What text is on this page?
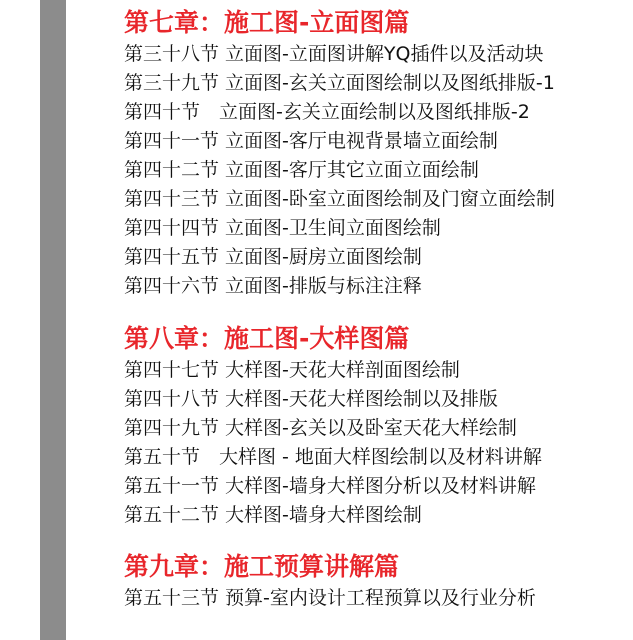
第七章：施工图-立面图篇
第三十八节 立面图-立面图讲解YQ插件以及活动块
第三十九节 立面图-玄关立面图绘制以及图纸排版-1
第四十节　立面图-玄关立面绘制以及图纸排版-2
第四十一节 立面图-客厅电视背景墙立面绘制
第四十二节 立面图-客厅其它立面立面绘制
第四十三节 立面图-卧室立面图绘制及门窗立面绘制
第四十四节 立面图-卫生间立面图绘制
第四十五节 立面图-厨房立面图绘制
第四十六节 立面图-排版与标注注释
第八章：施工图-大样图篇
第四十七节 大样图-天花大样剖面图绘制
第四十八节 大样图-天花大样图绘制以及排版
第四十九节 大样图-玄关以及卧室天花大样绘制
第五十节　大样图 - 地面大样图绘制以及材料讲解
第五十一节 大样图-墙身大样图分析以及材料讲解
第五十二节 大样图-墙身大样图绘制
第九章：施工预算讲解篇
第五十三节 预算-室内设计工程预算以及行业分析
